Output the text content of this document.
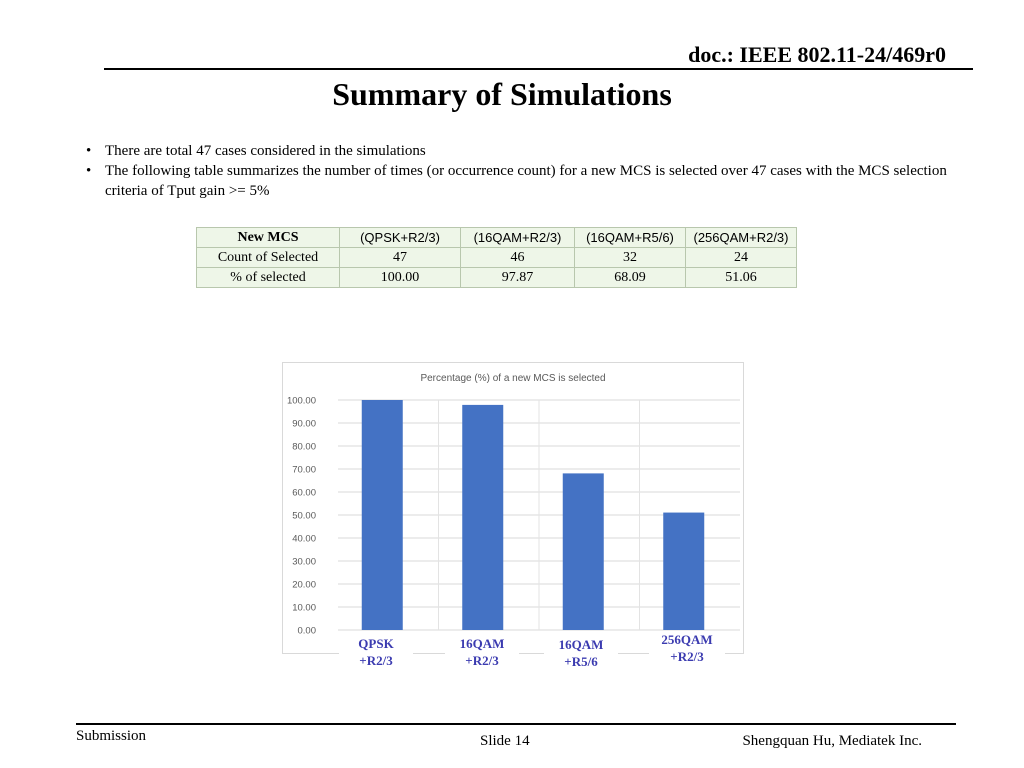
doc.: IEEE 802.11-24/469r0
Summary of Simulations
• There are total 47 cases considered in the simulations
• The following table summarizes the number of times (or occurrence count) for a new MCS is selected over 47 cases with the MCS selection criteria of Tput gain >= 5%
New MCS	(QPSK+R2/3)	(16QAM+R2/3)	(16QAM+R5/6)	(256QAM+R2/3)
Count of Selected	47	46	32	24
% of selected	100.00	97.87	68.09	51.06
Percentage (%) of a new MCS is selected
0.00
10.00
20.00
30.00
40.00
50.00
60.00
70.00
80.00
90.00
100.00
QPSK
+R2/3
16QAM
+R2/3
16QAM
+R5/6
256QAM
+R2/3
Submission	Slide 14	Shengquan Hu, Mediatek Inc.
